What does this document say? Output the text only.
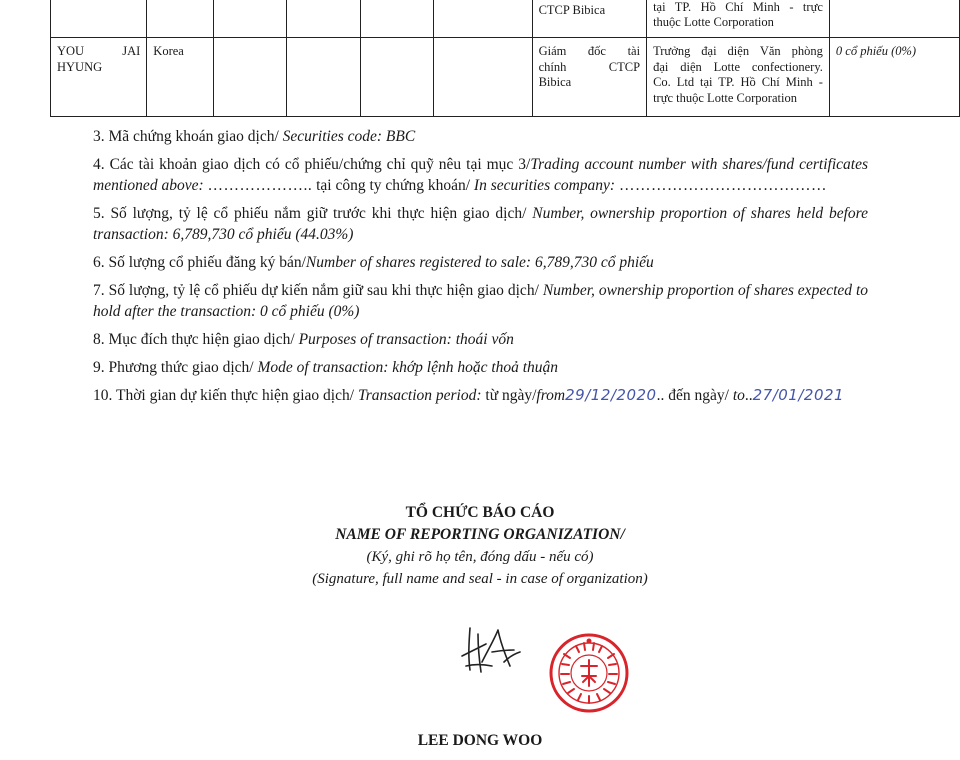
CTCP Bibica	tại TP. Hồ Chí Minh - trực
thuộc Lotte Corporation	

YOU JAI
HYUNG	Korea					Giám đốc tài
chính CTCP
Bibica	Trưởng đại diện Văn phòng
đại diện Lotte confectionery.
Co. Ltd tại TP. Hồ Chí Minh -
trực thuộc Lotte Corporation	0 cổ phiếu (0%)
3. Mã chứng khoán giao dịch/ Securities code: BBC
4. Các tài khoản giao dịch có cổ phiếu/chứng chỉ quỹ nêu tại mục 3/Trading account number with shares/fund certificates mentioned above: ……………….. tại công ty chứng khoán/ In securities company: …………………………………
5. Số lượng, tỷ lệ cổ phiếu nắm giữ trước khi thực hiện giao dịch/ Number, ownership proportion of shares held before transaction: 6,789,730 cổ phiếu (44.03%)
6. Số lượng cổ phiếu đăng ký bán/Number of shares registered to sale: 6,789,730 cổ phiếu
7. Số lượng, tỷ lệ cổ phiếu dự kiến nắm giữ sau khi thực hiện giao dịch/ Number, ownership proportion of shares expected to hold after the transaction: 0 cổ phiếu (0%)
8. Mục đích thực hiện giao dịch/ Purposes of transaction: thoái vốn
9. Phương thức giao dịch/ Mode of transaction: khớp lệnh hoặc thoả thuận
10. Thời gian dự kiến thực hiện giao dịch/ Transaction period: từ ngày/from29/12/2020.. đến ngày/ to..27/01/2021
TỔ CHỨC BÁO CÁO
NAME OF REPORTING ORGANIZATION/
(Ký, ghi rõ họ tên, đóng dấu - nếu có)
(Signature, full name and seal - in case of organization)
LEE DONG WOO
